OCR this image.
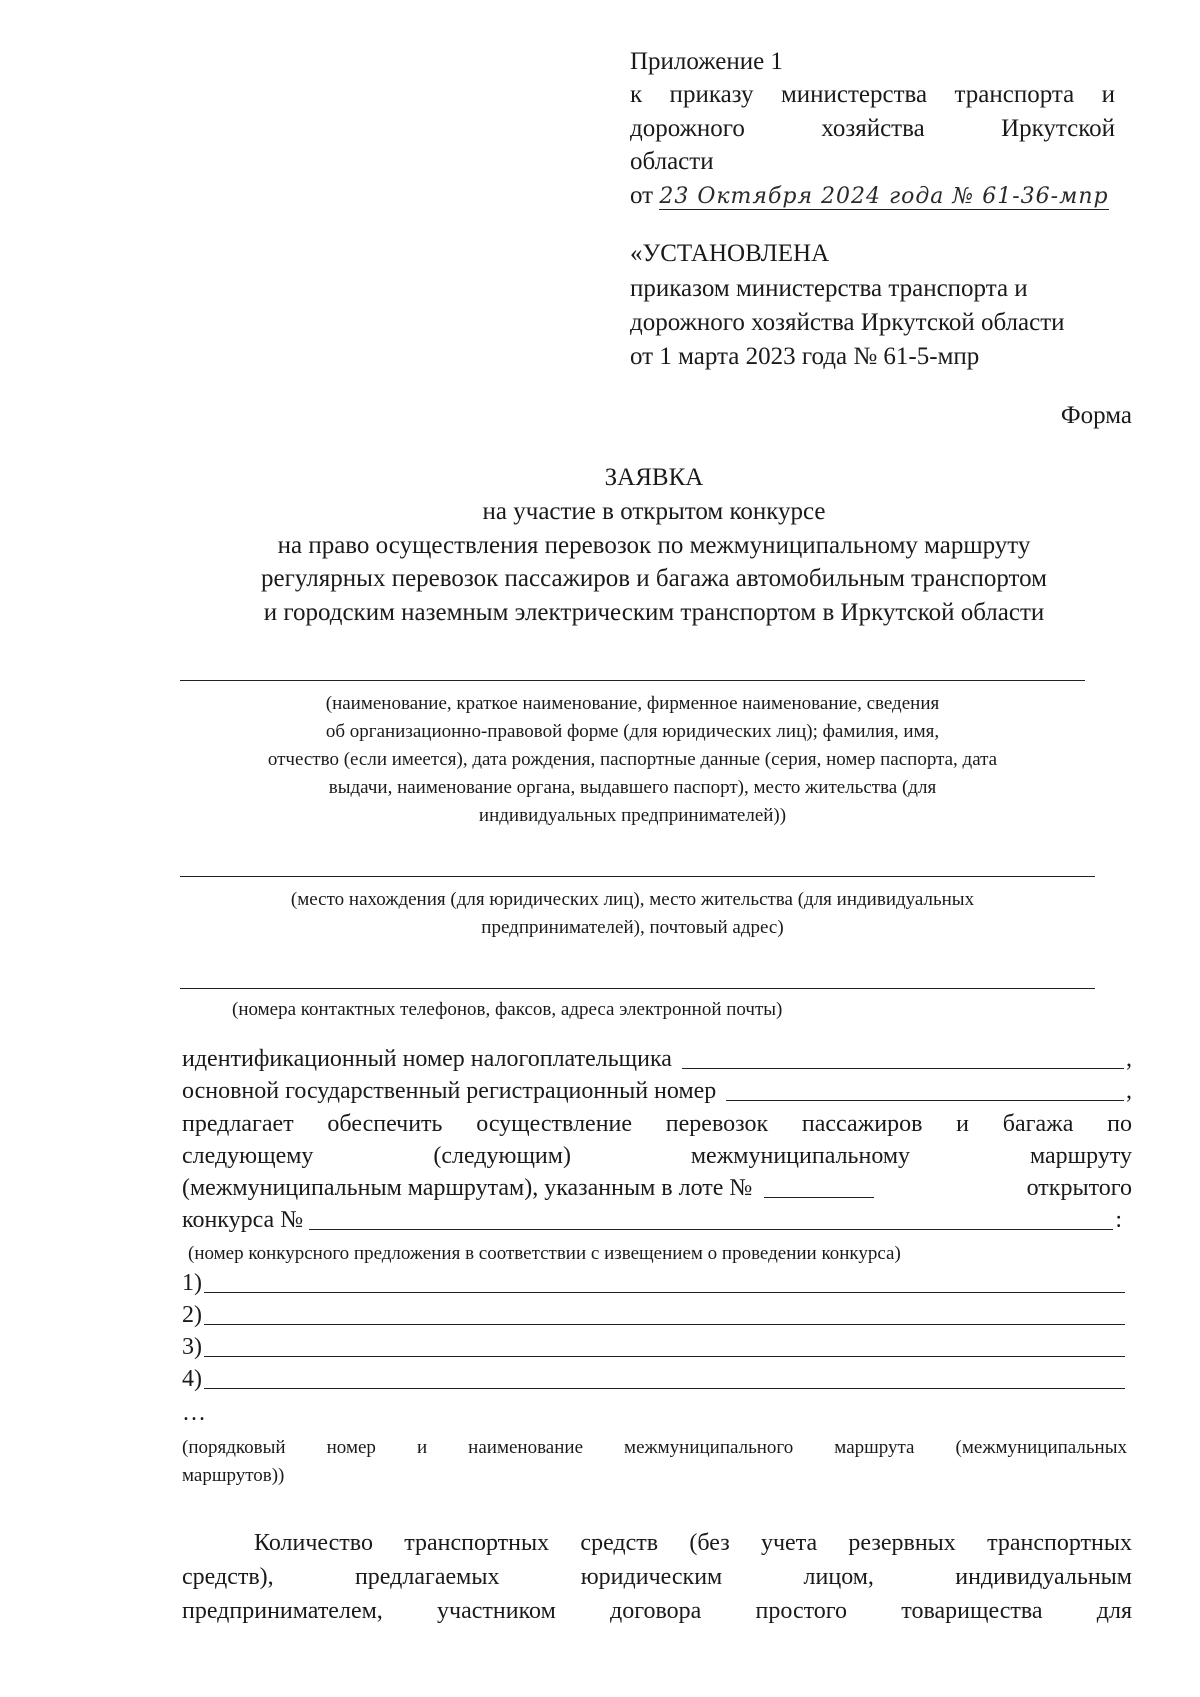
Приложение 1
к приказу министерства транспорта и
дорожного хозяйства Иркутской
области
от 23 Октября 2024 года № 61-36-мпр
«УСТАНОВЛЕНА
приказом министерства транспорта и
дорожного хозяйства Иркутской области
от 1 марта 2023 года № 61-5-мпр
Форма
ЗАЯВКА
на участие в открытом конкурсе
на право осуществления перевозок по межмуниципальному маршруту
регулярных перевозок пассажиров и багажа автомобильным транспортом
и городским наземным электрическим транспортом в Иркутской области
(наименование, краткое наименование, фирменное наименование, сведения
об организационно-правовой форме (для юридических лиц); фамилия, имя,
отчество (если имеется), дата рождения, паспортные данные (серия, номер паспорта, дата
выдачи, наименование органа, выдавшего паспорт), место жительства (для
индивидуальных предпринимателей))
(место нахождения (для юридических лиц), место жительства (для индивидуальных
предпринимателей), почтовый адрес)
(номера контактных телефонов, факсов, адреса электронной почты)
идентификационный номер налогоплательщика	,
основной государственный регистрационный номер	,
предлагает обеспечить осуществление перевозок пассажиров и багажа по
следующему (следующим) межмуниципальному маршруту
(межмуниципальным маршрутам), указанным в лоте №	открытого
конкурса №	:
(номер конкурсного предложения в соответствии с извещением о проведении конкурса)
1)
2)
3)
4)
…
(порядковый номер и наименование межмуниципального маршрута (межмуниципальных
маршрутов))
Количество транспортных средств (без учета резервных транспортных
средств), предлагаемых юридическим лицом, индивидуальным
предпринимателем, участником договора простого товарищества для
